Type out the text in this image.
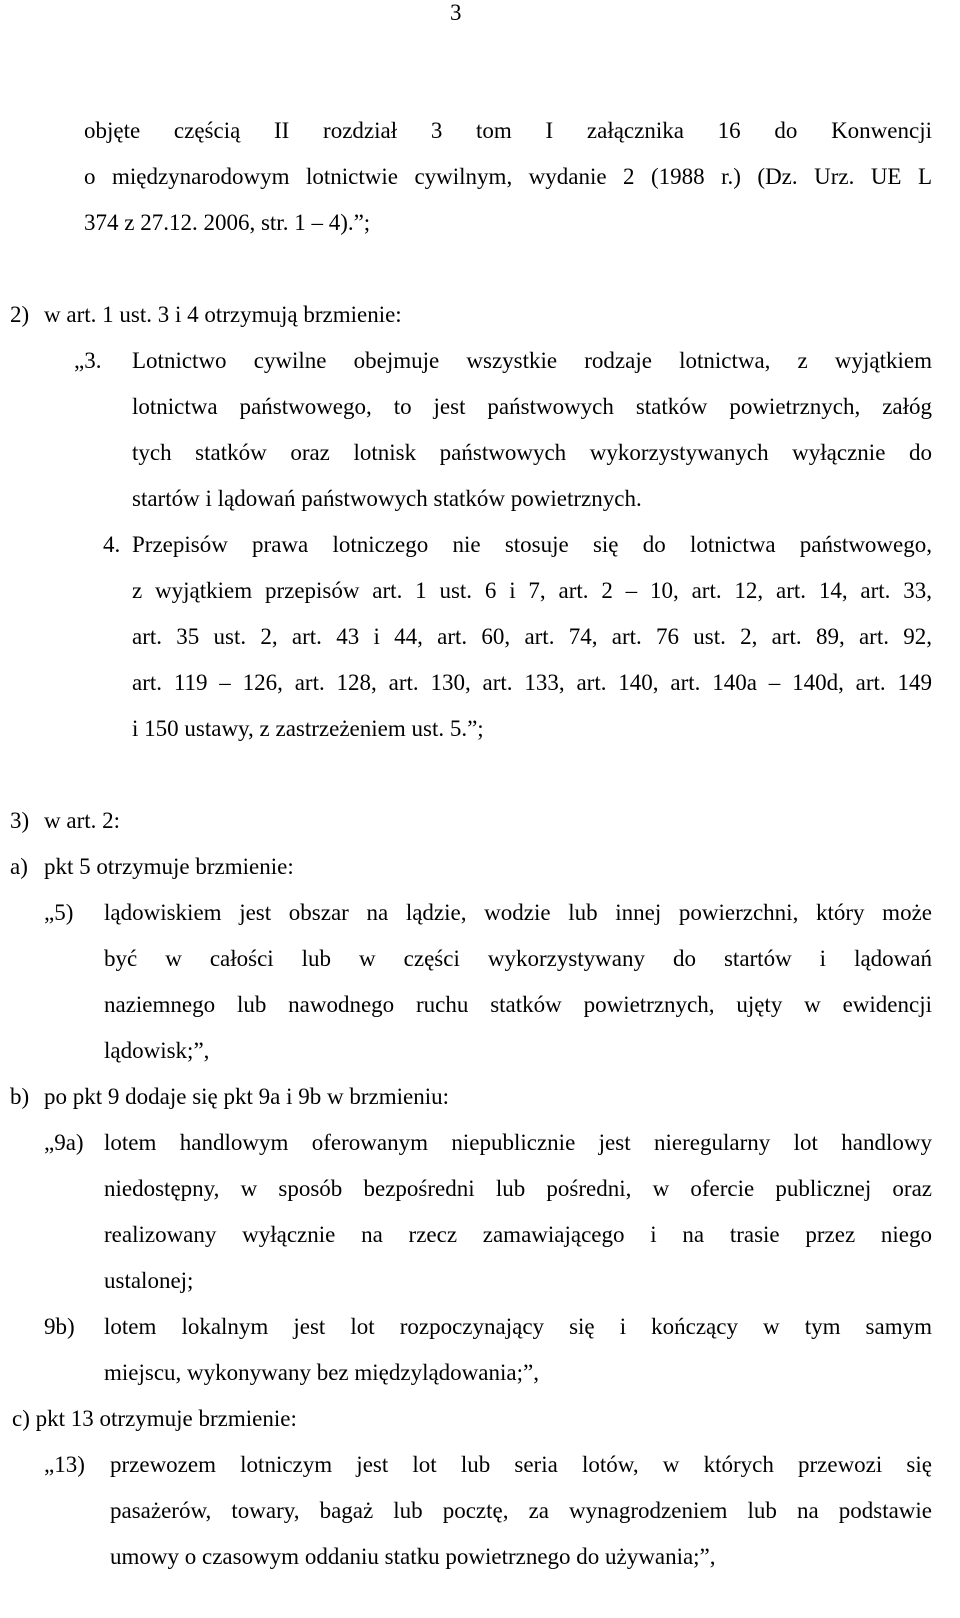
3
objęte częścią II rozdział 3 tom I załącznika 16 do Konwencji
o międzynarodowym lotnictwie cywilnym, wydanie 2 (1988 r.) (Dz. Urz. UE L
374 z 27.12. 2006, str. 1 – 4).”;
2) w art. 1 ust. 3 i 4 otrzymują brzmienie:
„3. Lotnictwo cywilne obejmuje wszystkie rodzaje lotnictwa, z wyjątkiem
lotnictwa państwowego, to jest państwowych statków powietrznych, załóg
tych statków oraz lotnisk państwowych wykorzystywanych wyłącznie do
startów i lądowań państwowych statków powietrznych.
4. Przepisów prawa lotniczego nie stosuje się do lotnictwa państwowego,
z wyjątkiem przepisów art. 1 ust. 6 i 7, art. 2 – 10, art. 12, art. 14, art. 33,
art. 35 ust. 2, art. 43 i 44, art. 60, art. 74, art. 76 ust. 2, art. 89, art. 92,
art. 119 – 126, art. 128, art. 130, art. 133, art. 140, art. 140a – 140d, art. 149
i 150 ustawy, z zastrzeżeniem ust. 5.”;
3) w art. 2:
a) pkt 5 otrzymuje brzmienie:
„5) lądowiskiem jest obszar na lądzie, wodzie lub innej powierzchni, który może
być w całości lub w części wykorzystywany do startów i lądowań
naziemnego lub nawodnego ruchu statków powietrznych, ujęty w ewidencji
lądowisk;”,
b) po pkt 9 dodaje się pkt 9a i 9b w brzmieniu:
„9a) lotem handlowym oferowanym niepublicznie jest nieregularny lot handlowy
niedostępny, w sposób bezpośredni lub pośredni, w ofercie publicznej oraz
realizowany wyłącznie na rzecz zamawiającego i na trasie przez niego
ustalonej;
9b) lotem lokalnym jest lot rozpoczynający się i kończący w tym samym
miejscu, wykonywany bez międzylądowania;”,
c) pkt 13 otrzymuje brzmienie:
„13) przewozem lotniczym jest lot lub seria lotów, w których przewozi się
pasażerów, towary, bagaż lub pocztę, za wynagrodzeniem lub na podstawie
umowy o czasowym oddaniu statku powietrznego do używania;”,
